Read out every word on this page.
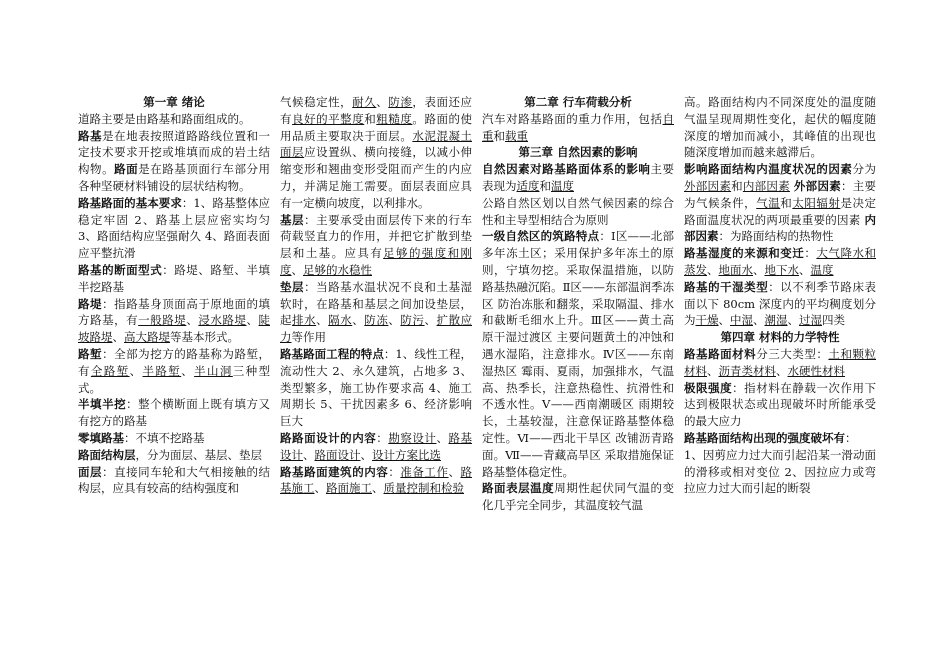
第一章 绪论

道路主要是由路基和路面组成的。

路基是在地表按照道路路线位置和一定技术要求开挖或堆填而成的岩土结构物。路面是在路基顶面行车部分用各种坚硬材料铺设的层状结构物。

路基路面的基本要求：1、路基整体应稳定牢固 2、路基上层应密实均匀 3、路面结构应坚强耐久 4、路面表面应平整抗滑

路基的断面型式：路堤、路堑、半填半挖路基

路堤：指路基身顶面高于原地面的填方路基，有一般路堤、浸水路堤、陡坡路堤、高大路堤等基本形式。

路堑：全部为挖方的路基称为路堑，有全路堑、半路堑、半山洞三种型式。

半填半挖：整个横断面上既有填方又有挖方的路基

零填路基：不填不挖路基

路面结构层，分为面层、基层、垫层

面层：直接同车轮和大气相接触的结构层，应具有较高的结构强度和

气候稳定性，耐久、防渗，表面还应有良好的平整度和粗糙度。路面的使用品质主要取决于面层。水泥混凝土面层应设置纵、横向接缝，以减小伸缩变形和翘曲变形受阻而产生的内应力，并满足施工需要。面层表面应具有一定横向坡度，以利排水。

基层：主要承受由面层传下来的行车荷载竖直力的作用，并把它扩散到垫层和土基。应具有足够的强度和刚度、足够的水稳性

垫层：当路基水温状况不良和土基湿软时，在路基和基层之间加设垫层，起排水、隔水、防冻、防污、扩散应力等作用

路基路面工程的特点：1、线性工程，流动性大 2、永久建筑，占地多 3、类型繁多，施工协作要求高 4、施工周期长 5、干扰因素多 6、经济影响巨大

路路面设计的内容：勘察设计、路基设计、路面设计、设计方案比选

路基路面建筑的内容：准备工作、路基施工、路面施工、质量控制和检验

第二章 行车荷载分析

汽车对路基路面的重力作用，包括自重和载重

第三章 自然因素的影响

自然因素对路基路面体系的影响主要表现为适度和温度

公路自然区划以自然气候因素的综合性和主导型相结合为原则

一级自然区的筑路特点：Ⅰ区——北部多年冻土区；采用保护多年冻土的原则，宁填勿挖。采取保温措施，以防路基热融沉陷。Ⅱ区——东部温润季冻区 防治冻胀和翻浆，采取隔温、排水和截断毛细水上升。Ⅲ区——黄土高原干湿过渡区 主要问题黄土的冲蚀和遇水湿陷，注意排水。Ⅳ区——东南湿热区 霉雨、夏雨，加强排水，气温高、热季长，注意热稳性、抗滑性和不透水性。Ⅴ——西南潮暖区 雨期较长，土基较湿，注意保证路基整体稳定性。Ⅵ——西北干旱区 改铺沥青路面。Ⅶ——青藏高旱区 采取措施保证路基整体稳定性。

路面表层温度周期性起伏同气温的变化几乎完全同步，其温度较气温

高。路面结构内不同深度处的温度随气温呈现周期性变化，起伏的幅度随深度的增加而减小，其峰值的出现也随深度增加而越来越滞后。

影响路面结构内温度状况的因素分为外部因素和内部因素 外部因素：主要为气候条件，气温和太阳辐射是决定路面温度状况的两项最重要的因素 内部因素：为路面结构的热物性

路基湿度的来源和变迁：大气降水和蒸发、地面水、地下水、温度

路基的干湿类型：以不利季节路床表面以下 80cm 深度内的平均稠度划分为干燥、中湿、潮湿、过湿四类

第四章 材料的力学特性

路基路面材料分三大类型：土和颗粒材料、沥青类材料、水硬性材料

极限强度：指材料在静载一次作用下达到极限状态或出现破坏时所能承受的最大应力

路基路面结构出现的强度破坏有：

1、因剪应力过大而引起沿某一滑动面的滑移或相对变位 2、因拉应力或弯拉应力过大而引起的断裂
